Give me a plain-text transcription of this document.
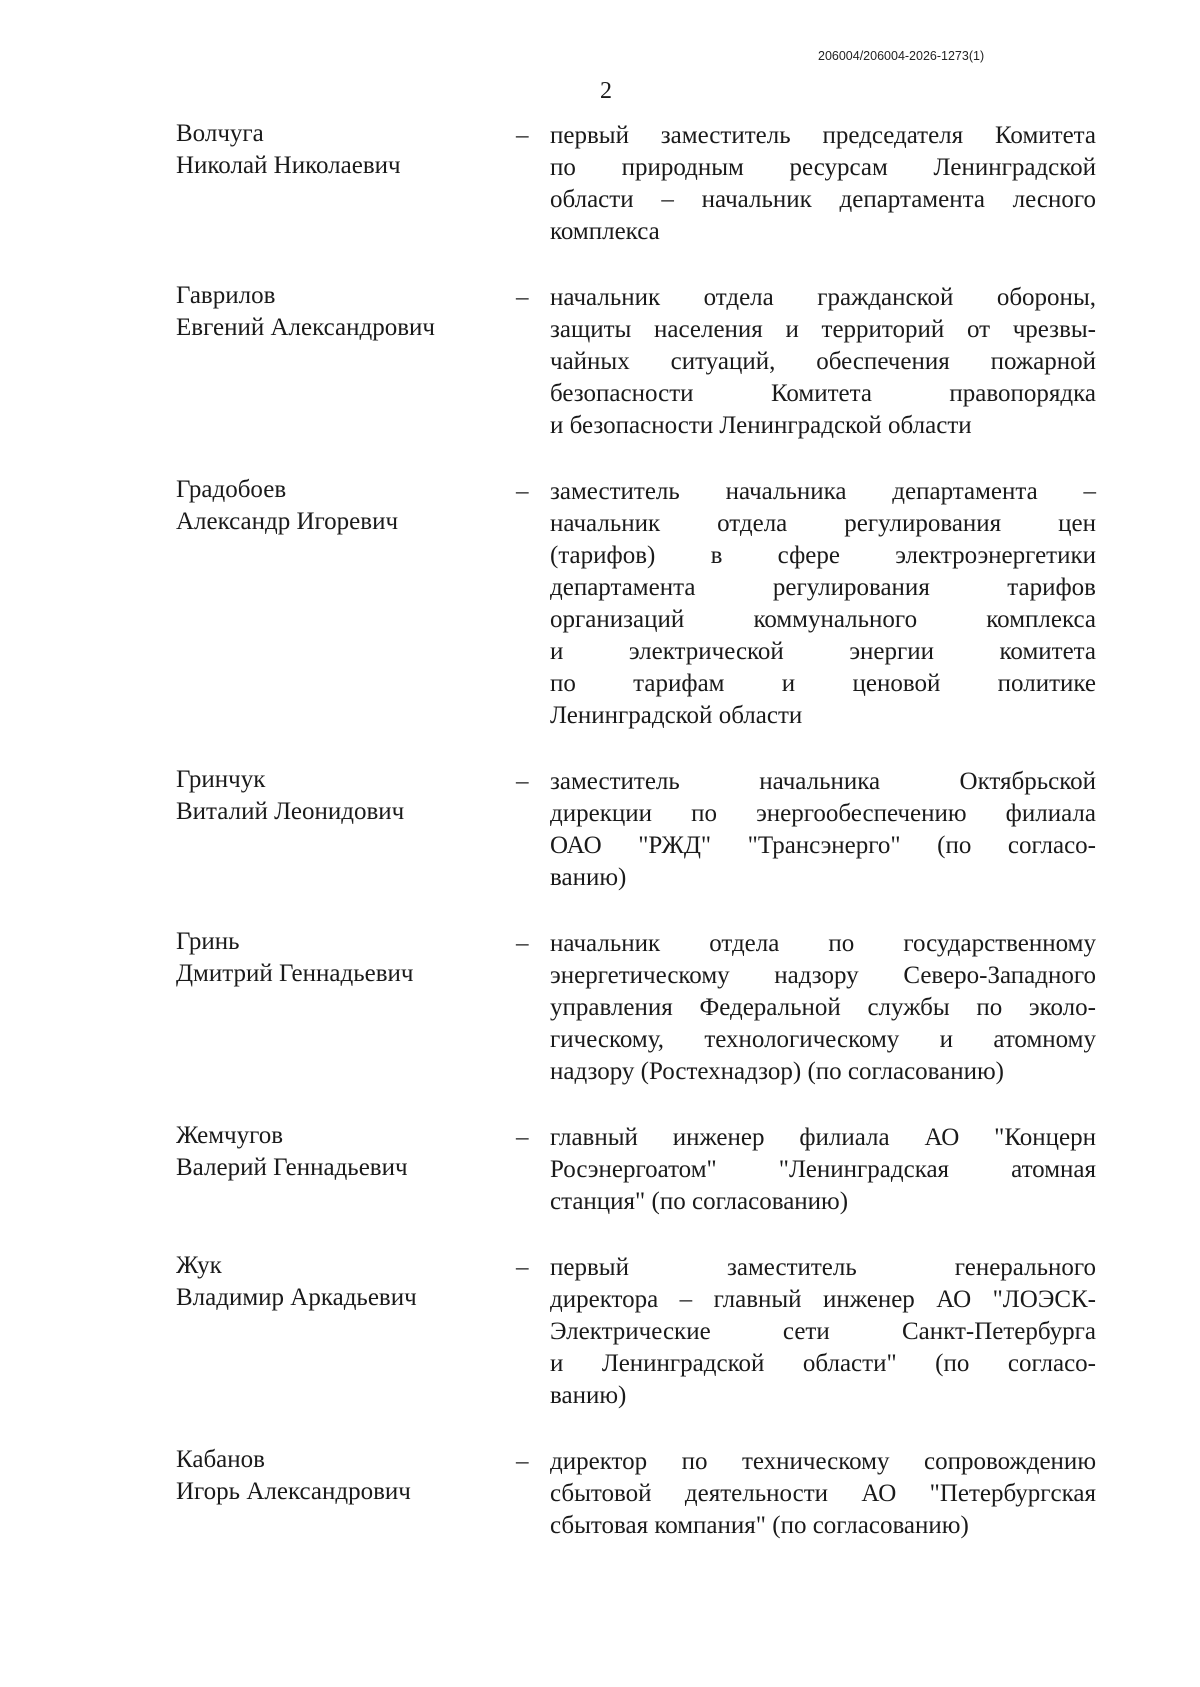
206004/206004-2026-1273(1)
2
Волчуга
Николай Николаевич
– первый заместитель председателя Комитета
по природным ресурсам Ленинградской
области – начальник департамента лесного
комплекса
Гаврилов
Евгений Александрович
– начальник отдела гражданской обороны,
защиты населения и территорий от чрезвы-
чайных ситуаций, обеспечения пожарной
безопасности Комитета правопорядка
и безопасности Ленинградской области
Градобоев
Александр Игоревич
– заместитель начальника департамента –
начальник отдела регулирования цен
(тарифов) в сфере электроэнергетики
департамента регулирования тарифов
организаций коммунального комплекса
и электрической энергии комитета
по тарифам и ценовой политике
Ленинградской области
Гринчук
Виталий Леонидович
– заместитель начальника Октябрьской
дирекции по энергообеспечению филиала
ОАО "РЖД" "Трансэнерго" (по согласо-
ванию)
Гринь
Дмитрий Геннадьевич
– начальник отдела по государственному
энергетическому надзору Северо-Западного
управления Федеральной службы по эколо-
гическому, технологическому и атомному
надзору (Ростехнадзор) (по согласованию)
Жемчугов
Валерий Геннадьевич
– главный инженер филиала АО "Концерн
Росэнергоатом" "Ленинградская атомная
станция" (по согласованию)
Жук
Владимир Аркадьевич
– первый заместитель генерального
директора – главный инженер АО "ЛОЭСК-
Электрические сети Санкт-Петербурга
и Ленинградской области" (по согласо-
ванию)
Кабанов
Игорь Александрович
– директор по техническому сопровождению
сбытовой деятельности АО "Петербургская
сбытовая компания" (по согласованию)
